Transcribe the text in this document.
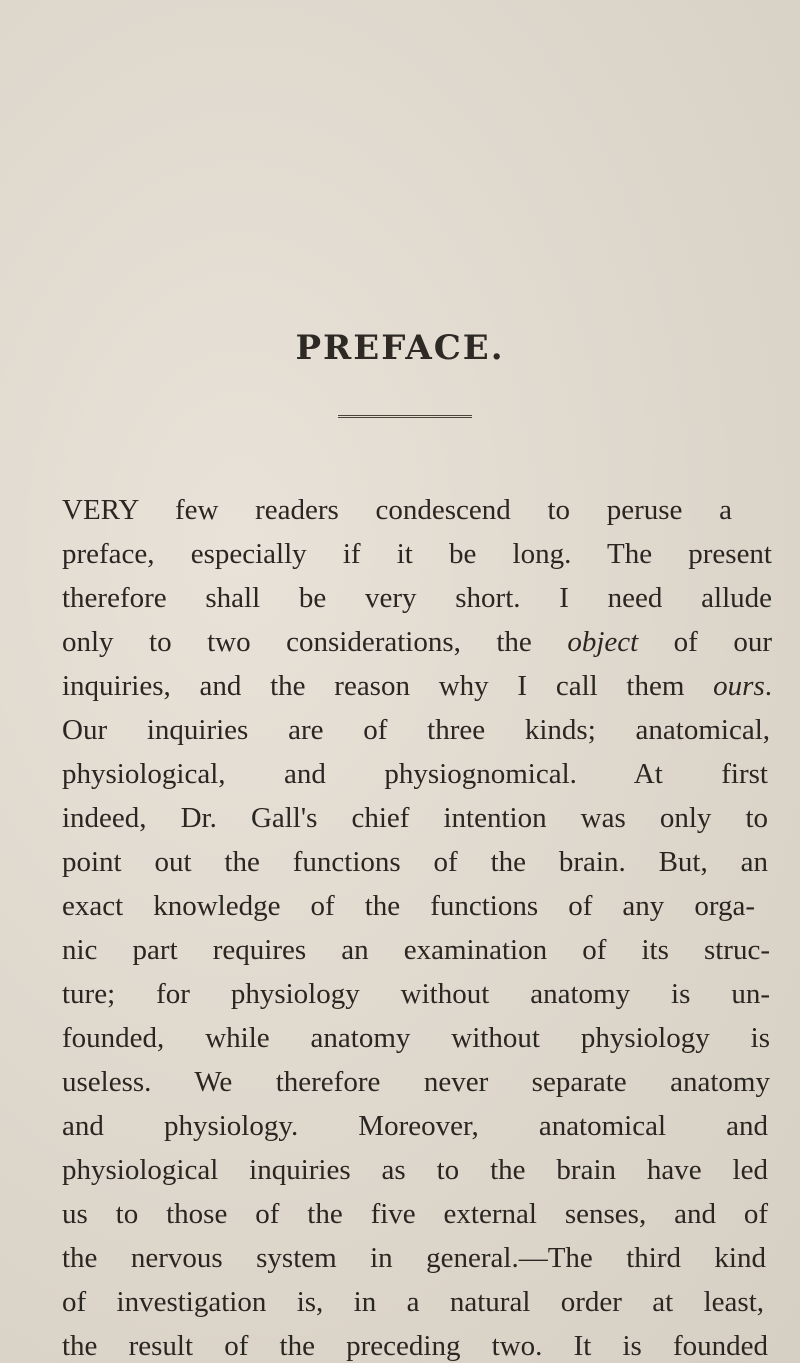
PREFACE.
VERY few readers condescend to peruse a
preface, especially if it be long. The present
therefore shall be very short. I need allude
only to two considerations, the object of our
inquiries, and the reason why I call them ours.
Our inquiries are of three kinds; anatomical,
physiological, and physiognomical. At first
indeed, Dr. Gall's chief intention was only to
point out the functions of the brain. But, an
exact knowledge of the functions of any orga-
nic part requires an examination of its struc-
ture; for physiology without anatomy is un-
founded, while anatomy without physiology is
useless. We therefore never separate anatomy
and physiology. Moreover, anatomical and
physiological inquiries as to the brain have led
us to those of the five external senses, and of
the nervous system in general.—The third kind
of investigation is, in a natural order at least,
the result of the preceding two. It is founded
